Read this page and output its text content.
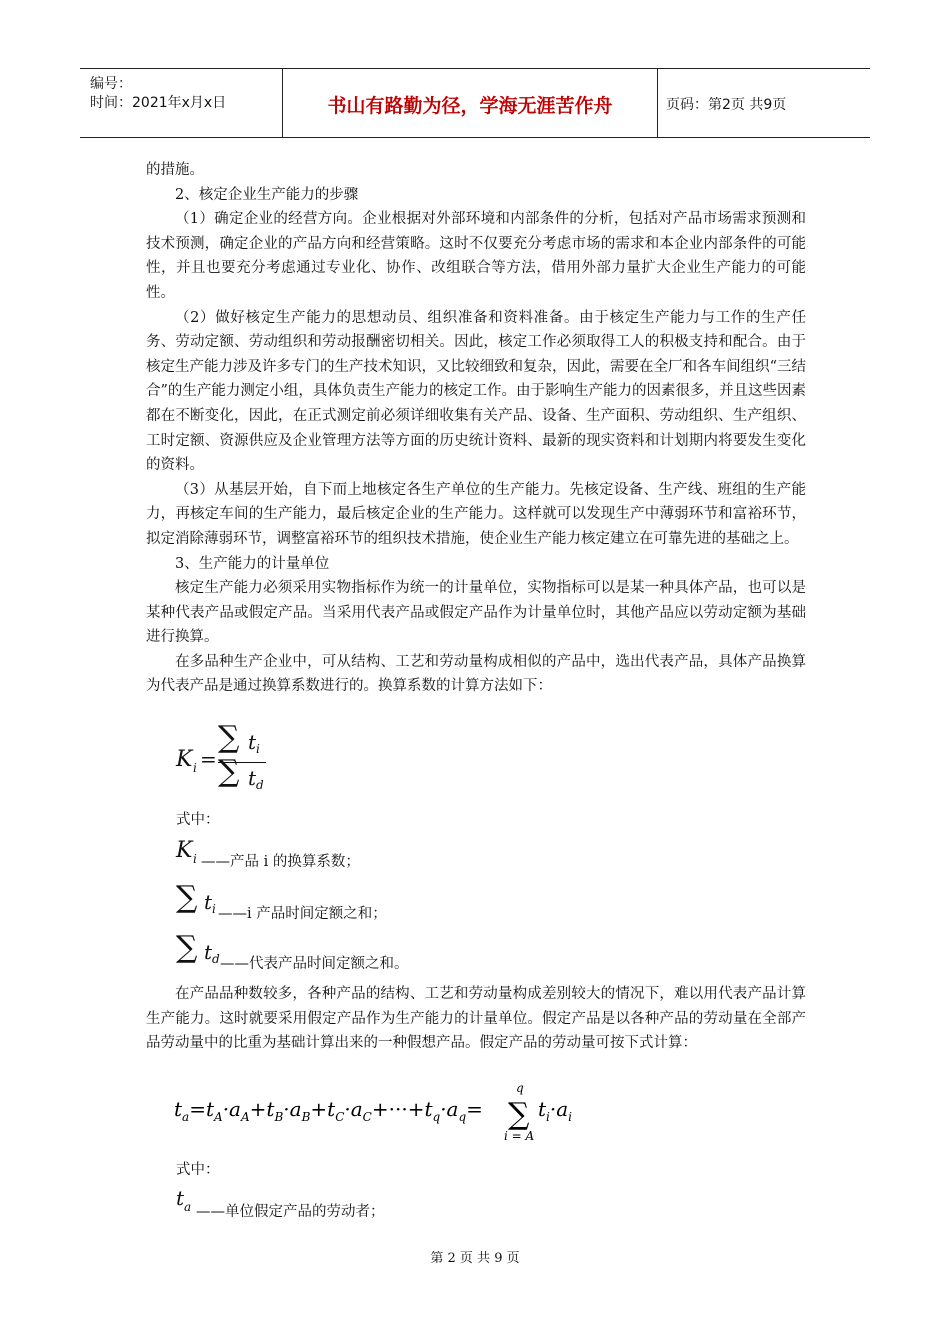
编号：
时间：2021年x月x日	书山有路勤为径，学海无涯苦作舟	页码：第2页 共9页

的措施。

2、核定企业生产能力的步骤

（1）确定企业的经营方向。企业根据对外部环境和内部条件的分析，包括对产品市场需求预测和技术预测，确定企业的产品方向和经营策略。这时不仅要充分考虑市场的需求和本企业内部条件的可能性，并且也要充分考虑通过专业化、协作、改组联合等方法，借用外部力量扩大企业生产能力的可能性。

（2）做好核定生产能力的思想动员、组织准备和资料准备。由于核定生产能力与工作的生产任务、劳动定额、劳动组织和劳动报酬密切相关。因此，核定工作必须取得工人的积极支持和配合。由于核定生产能力涉及许多专门的生产技术知识，又比较细致和复杂，因此，需要在全厂和各车间组织“三结合”的生产能力测定小组，具体负责生产能力的核定工作。由于影响生产能力的因素很多，并且这些因素都在不断变化，因此，在正式测定前必须详细收集有关产品、设备、生产面积、劳动组织、生产组织、工时定额、资源供应及企业管理方法等方面的历史统计资料、最新的现实资料和计划期内将要发生变化的资料。

（3）从基层开始，自下而上地核定各生产单位的生产能力。先核定设备、生产线、班组的生产能力，再核定车间的生产能力，最后核定企业的生产能力。这样就可以发现生产中薄弱环节和富裕环节，拟定消除薄弱环节，调整富裕环节的组织技术措施，使企业生产能力核定建立在可靠先进的基础之上。

3、生产能力的计量单位

核定生产能力必须采用实物指标作为统一的计量单位，实物指标可以是某一种具体产品，也可以是某种代表产品或假定产品。当采用代表产品或假定产品作为计量单位时，其他产品应以劳动定额为基础进行换算。

在多品种生产企业中，可从结构、工艺和劳动量构成相似的产品中，选出代表产品，具体产品换算为代表产品是通过换算系数进行的。换算系数的计算方法如下：

K i =
∑ t i
∑ t d
式中：
K i ——产品 i 的换算系数；
∑ t i ——i 产品时间定额之和；
∑ t d ——代表产品时间定额之和。

在产品品种数较多，各种产品的结构、工艺和劳动量构成差别较大的情况下，难以用代表产品计算生产能力。这时就要采用假定产品作为生产能力的计量单位。假定产品是以各种产品的劳动量在全部产品劳动量中的比重为基础计算出来的一种假想产品。假定产品的劳动量可按下式计算：

$t_a=t_A\cdot a_A+t_B\cdot a_B+t_C\cdot a_C+\cdot\cdot\cdot+t_q\cdot a_q=$ ∑
q
i = A
$t_i\cdot a_i$
式中：
t a ——单位假定产品的劳动者；
第 2 页 共 9 页
